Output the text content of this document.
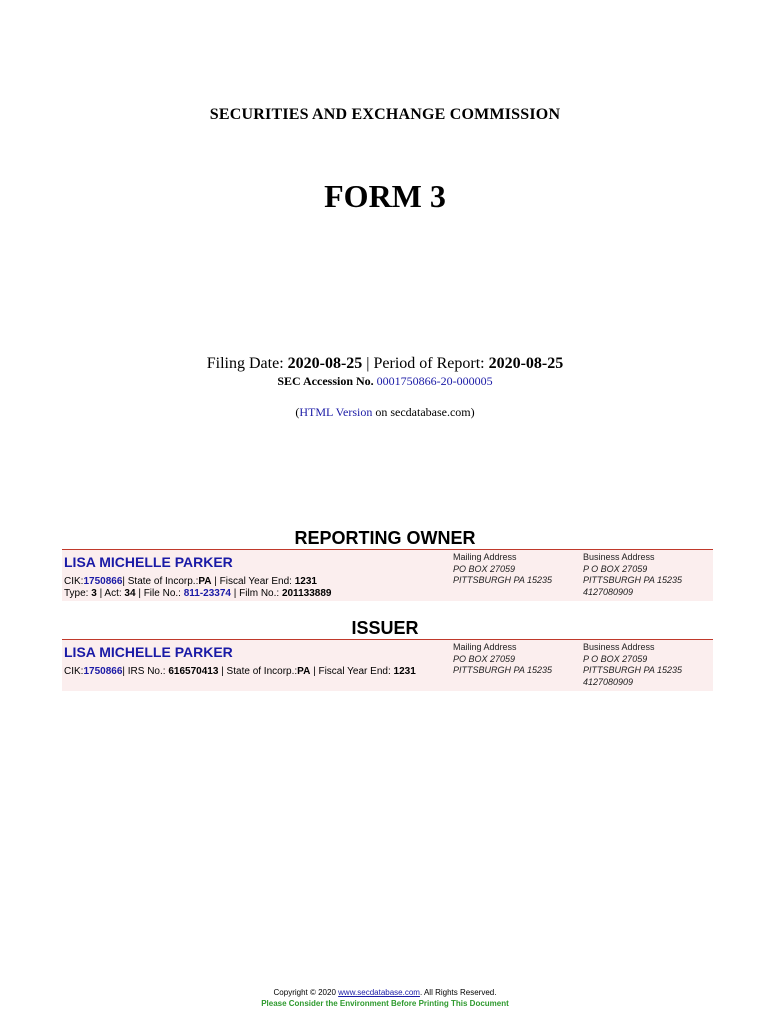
SECURITIES AND EXCHANGE COMMISSION
FORM 3
Filing Date: 2020-08-25 | Period of Report: 2020-08-25
SEC Accession No. 0001750866-20-000005
(HTML Version on secdatabase.com)
REPORTING OWNER
LISA MICHELLE PARKER
CIK:1750866| State of Incorp.:PA | Fiscal Year End: 1231
Type: 3 | Act: 34 | File No.: 811-23374 | Film No.: 201133889
Mailing Address
PO BOX 27059
PITTSBURGH PA 15235
Business Address
P O BOX 27059
PITTSBURGH PA 15235
4127080909
ISSUER
LISA MICHELLE PARKER
CIK:1750866| IRS No.: 616570413 | State of Incorp.:PA | Fiscal Year End: 1231
Mailing Address
PO BOX 27059
PITTSBURGH PA 15235
Business Address
P O BOX 27059
PITTSBURGH PA 15235
4127080909
Copyright © 2020 www.secdatabase.com. All Rights Reserved.
Please Consider the Environment Before Printing This Document
